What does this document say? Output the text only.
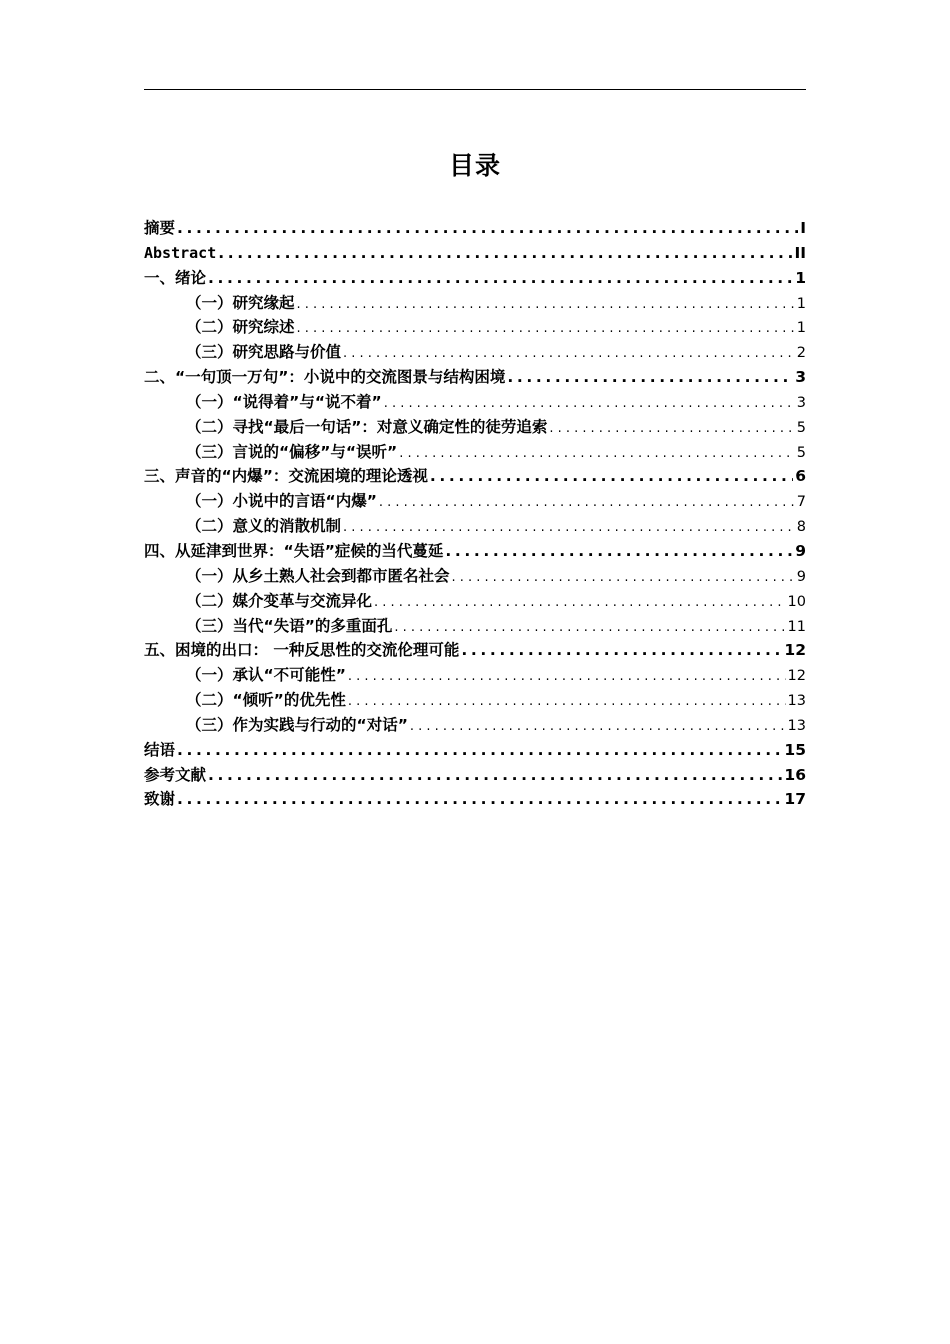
目录
摘要 .....	I
Abstract .....	II
一、绪论 .....	1
（一）研究缘起 .....	1
（二）研究综述 .....	1
（三）研究思路与价值 .....	2
二、“一句顶一万句”：小说中的交流图景与结构困境 .....	3
（一）“说得着”与“说不着” .....	3
（二）寻找“最后一句话”：对意义确定性的徒劳追索 .....	5
（三）言说的“偏移”与“误听” .....	5
三、声音的“内爆”：交流困境的理论透视 .....	6
（一）小说中的言语“内爆” .....	7
（二）意义的消散机制 .....	8
四、从延津到世界：“失语”症候的当代蔓延 .....	9
（一）从乡土熟人社会到都市匿名社会 .....	9
（二）媒介变革与交流异化 .....	10
（三）当代“失语”的多重面孔 .....	11
五、困境的出口： 一种反思性的交流伦理可能 .....	12
（一）承认“不可能性” .....	12
（二）“倾听”的优先性 .....	13
（三）作为实践与行动的“对话” .....	13
结语 .....	15
参考文献 .....	16
致谢 .....	17
